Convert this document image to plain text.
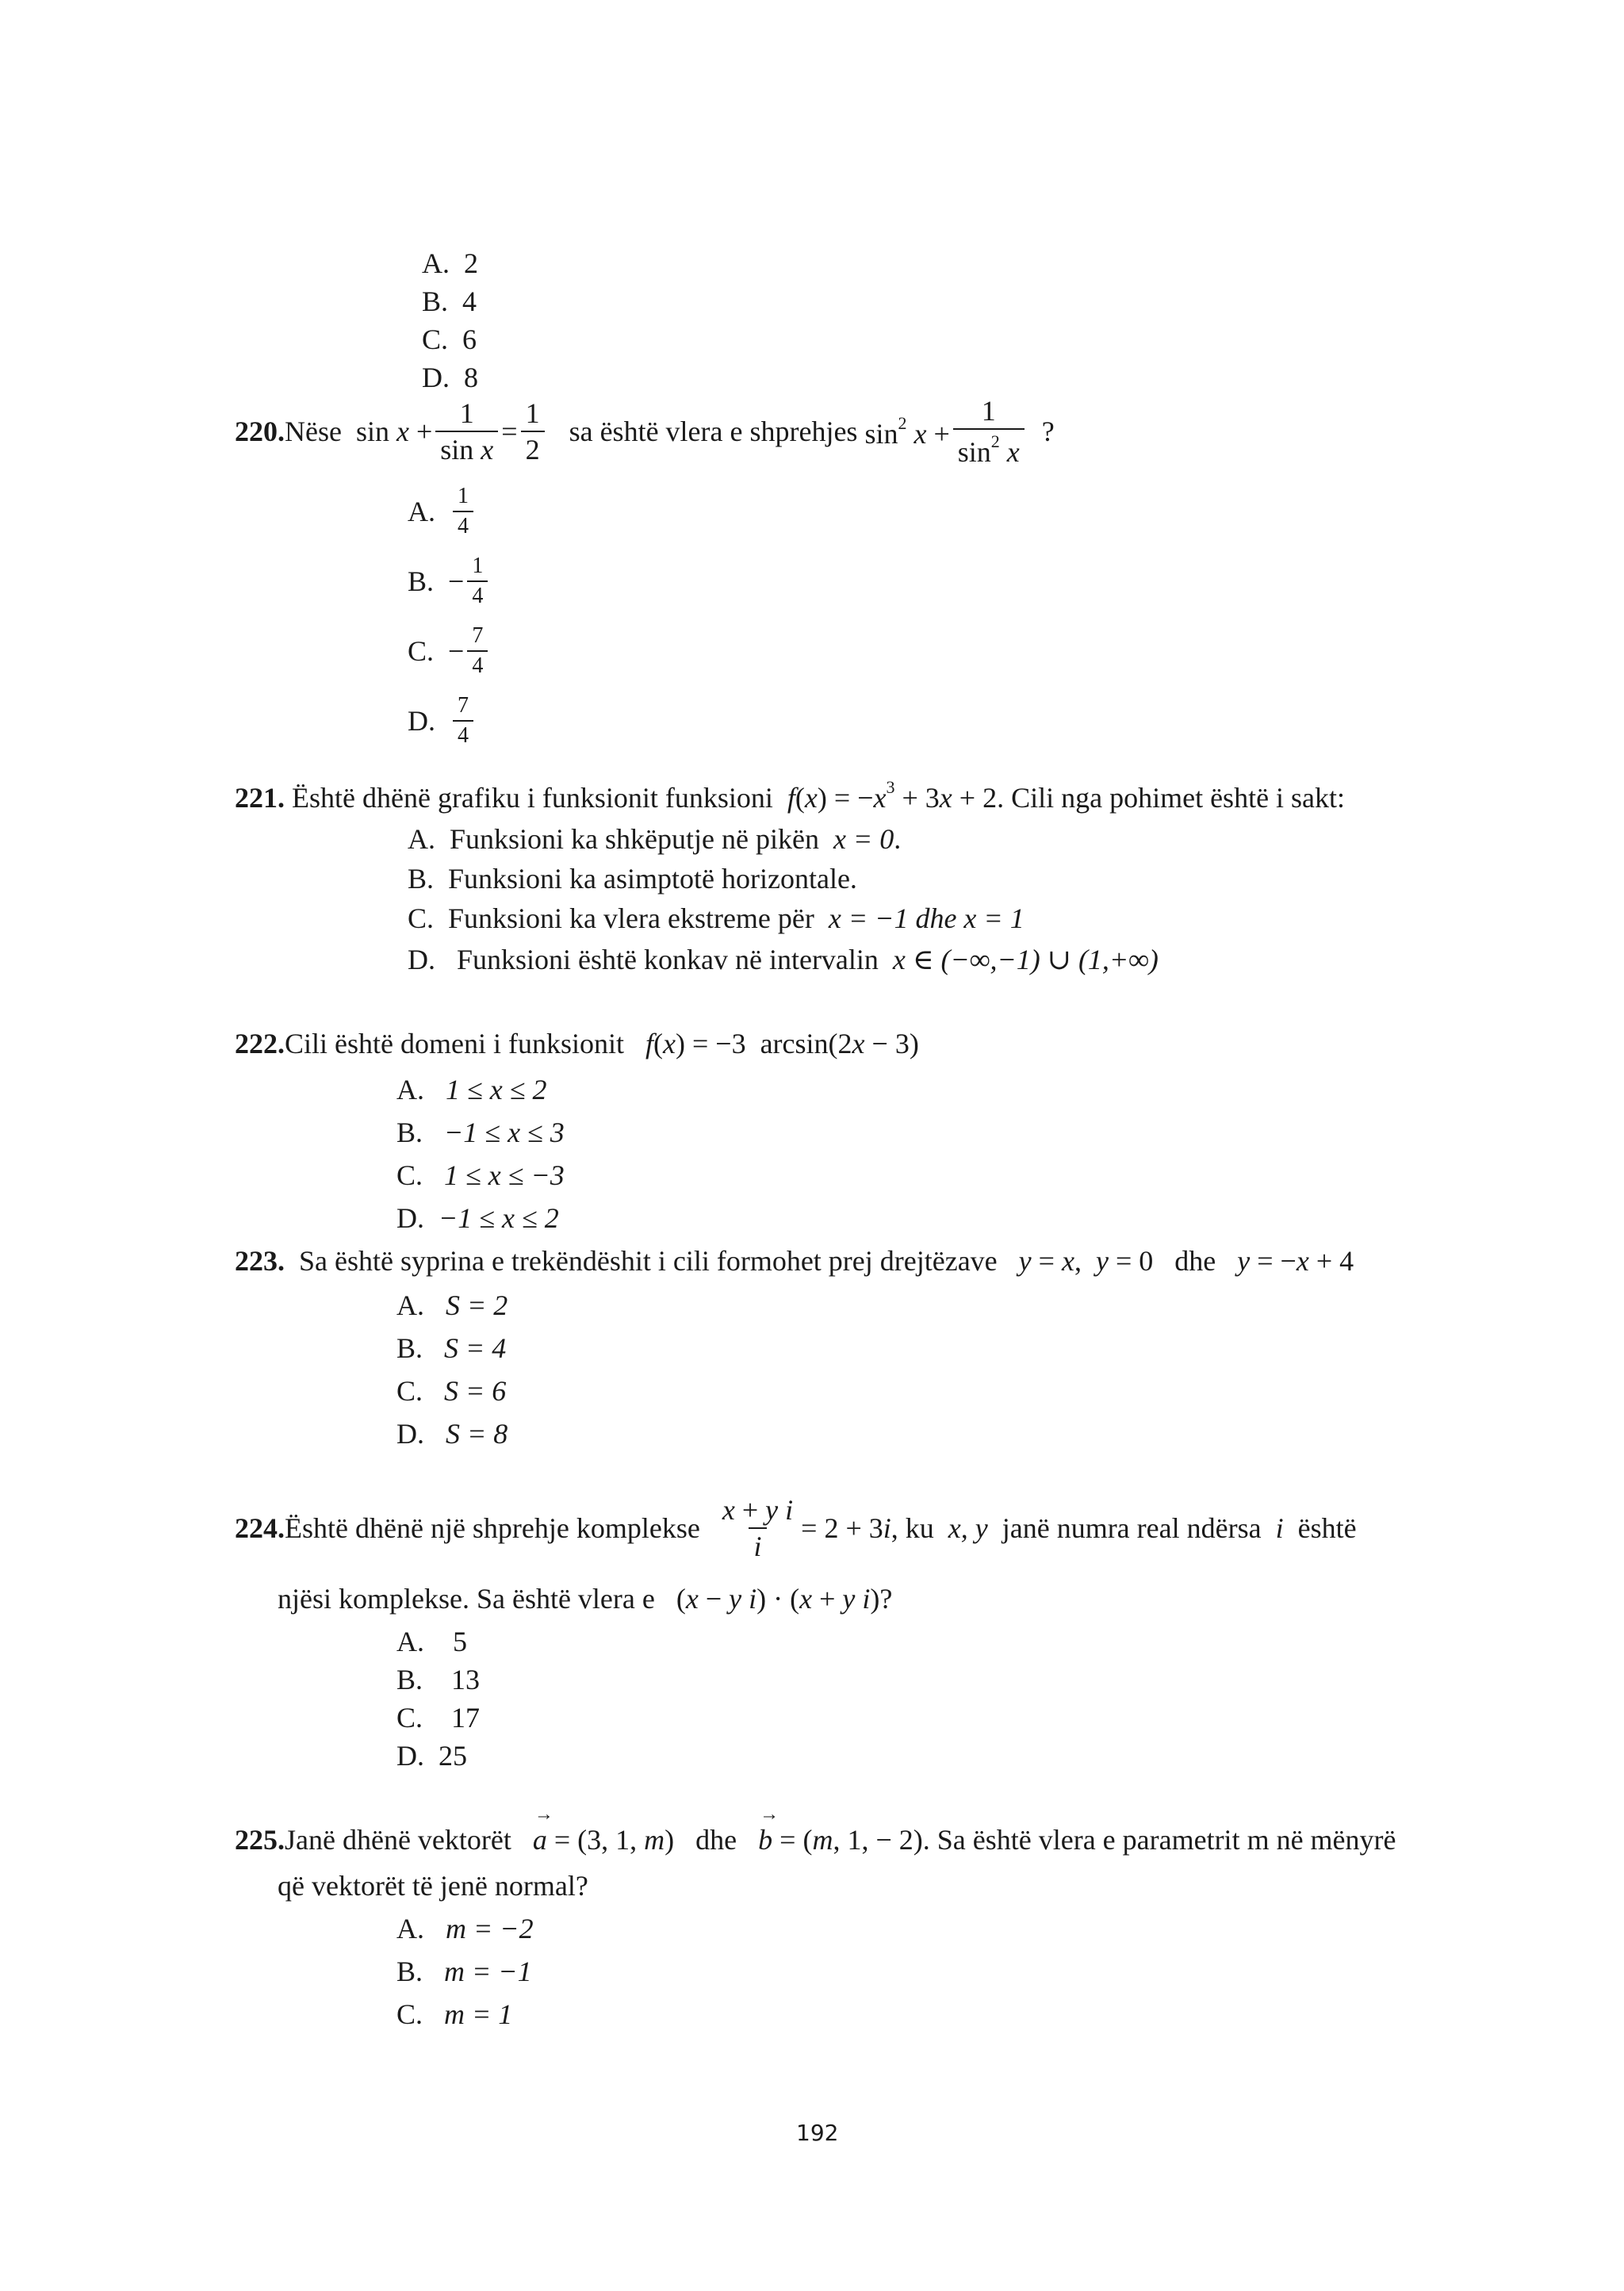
A. 2
B. 4
C. 6
D. 8
220. Nëse
$\sin x + \frac{1}{\text{sin x}} = \frac{1}{2}$
sa është vlera e shprehjes
$\sin^2 x + \frac{1}{\sin^2 x}$
?
A.
$\frac{1}{4}$
B.
− $\frac{1}{4}$
C.
− $\frac{7}{4}$
D.
$\frac{7}{4}$
221. Është dhënë grafiku i funksionit funksioni $f(x) = -x^3 + 3x + 2$. Cili nga pohimet është i sakt:
A. Funksioni ka shkëputje në pikën x = 0.
B. Funksioni ka asimptotë horizontale.
C. Funksioni ka vlera ekstreme për x = −1 dhe x = 1
D. Funksioni është konkav në intervalin x ∈ (−∞,−1) ∪ (1,+∞)
222.Cili është domeni i funksionit f(x) = −3  arcsin(2x − 3)
A. 1 ≤ x ≤ 2
B. −1 ≤ x ≤ 3
C. 1 ≤ x ≤ −3
D. −1 ≤ x ≤ 2
223. Sa është syprina e trekëndëshit i cili formohet prej drejtëzave y = x,  y = 0   dhe y = −x + 4
A. S = 2
B. S = 4
C. S = 6
D. S = 8
224. Është dhënë një shprehje komplekse
$\frac{\text{x + y i}}{i} = 2 + 3i$ , ku
x, y
janë numra real ndërsa
i
është
njësi komplekse. Sa është vlera e (x − y i) · (x + y i)?
A. 5
B. 13
C. 17
D. 25
225.Janë dhënë vektorët → a = (3, 1, m) dhe → b = (m, 1, − 2). Sa është vlera e parametrit m në mënyrë
që vektorët të jenë normal?
A. m = −2
B. m = −1
C. m = 1
192
